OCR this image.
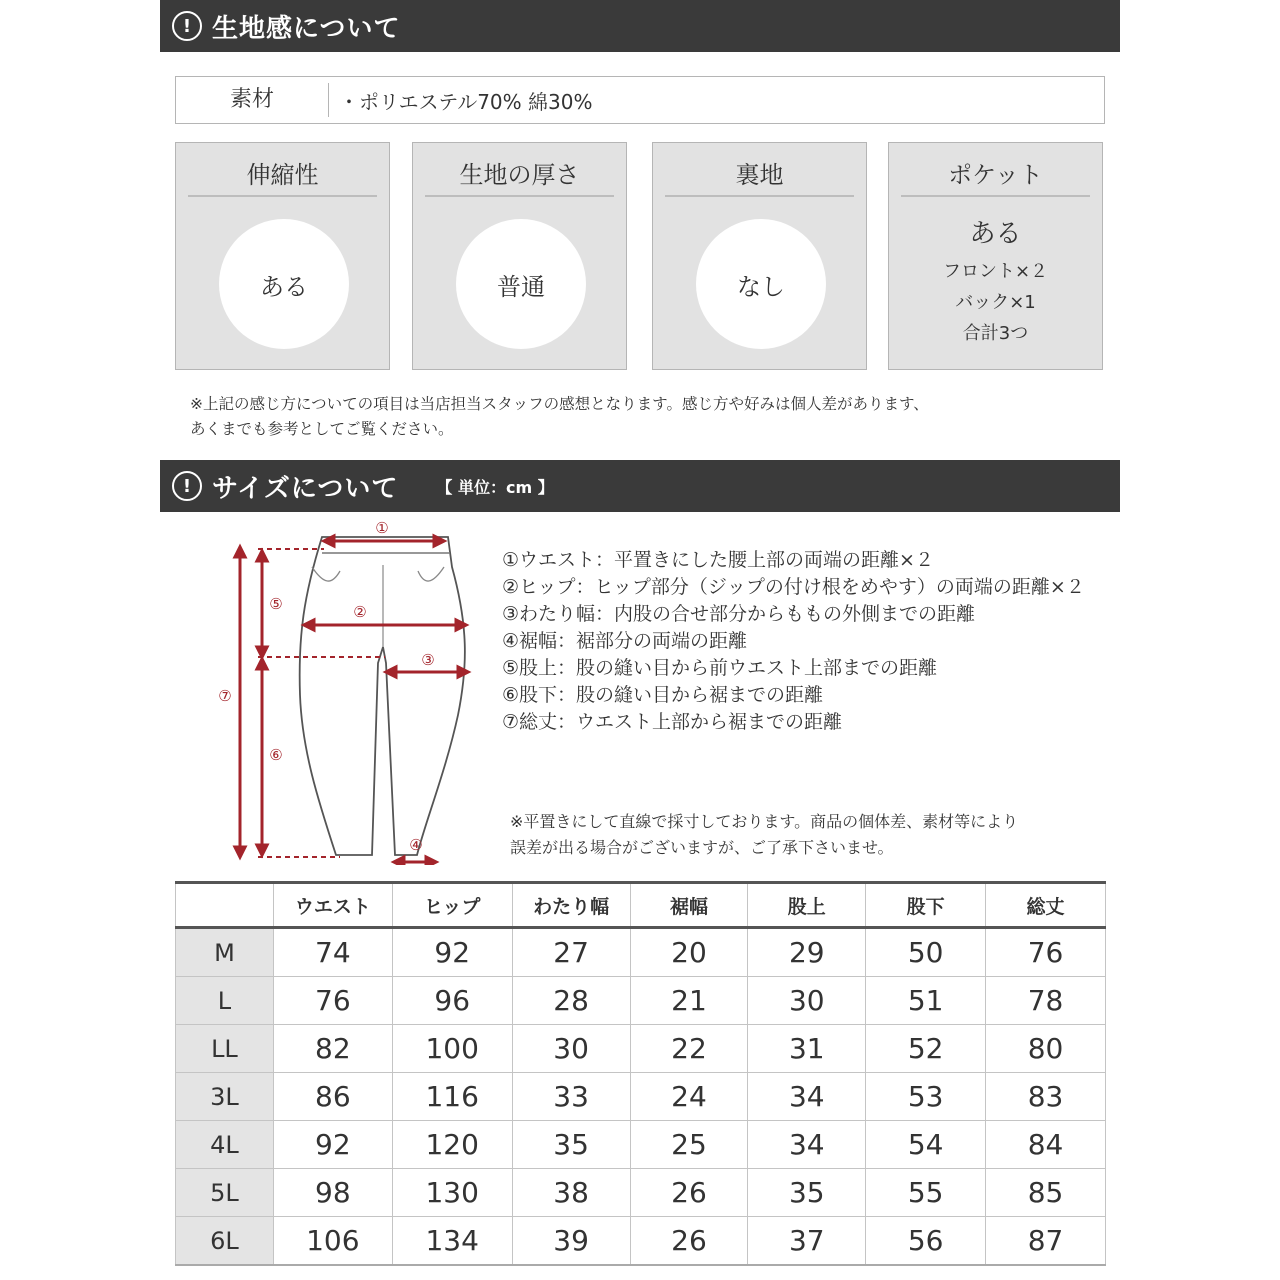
! 生地感について
素材	・ポリエステル70% 綿30%
伸縮性
ある
生地の厚さ
普通
裏地
なし
ポケット
ある
フロント×２
バック×1
合計3つ
※上記の感じ方についての項目は当店担当スタッフの感想となります。感じ方や好みは個人差があります、
あくまでも参考としてご覧ください。
! サイズについて 【 単位：cm 】
①
②
③
④
⑤
⑥
⑦
①ウエスト：平置きにした腰上部の両端の距離×２
②ヒップ：ヒップ部分（ジップの付け根をめやす）の両端の距離×２
③わたり幅：内股の合せ部分からももの外側までの距離
④裾幅：裾部分の両端の距離
⑤股上：股の縫い目から前ウエスト上部までの距離
⑥股下：股の縫い目から裾までの距離
⑦総丈：ウエスト上部から裾までの距離
※平置きにして直線で採寸しております。商品の個体差、素材等により
誤差が出る場合がございますが、ご了承下さいませ。
	ウエスト	ヒップ	わたり幅	裾幅	股上	股下	総丈
M	74	92	27	20	29	50	76
L	76	96	28	21	30	51	78
LL	82	100	30	22	31	52	80
3L	86	116	33	24	34	53	83
4L	92	120	35	25	34	54	84
5L	98	130	38	26	35	55	85
6L	106	134	39	26	37	56	87
